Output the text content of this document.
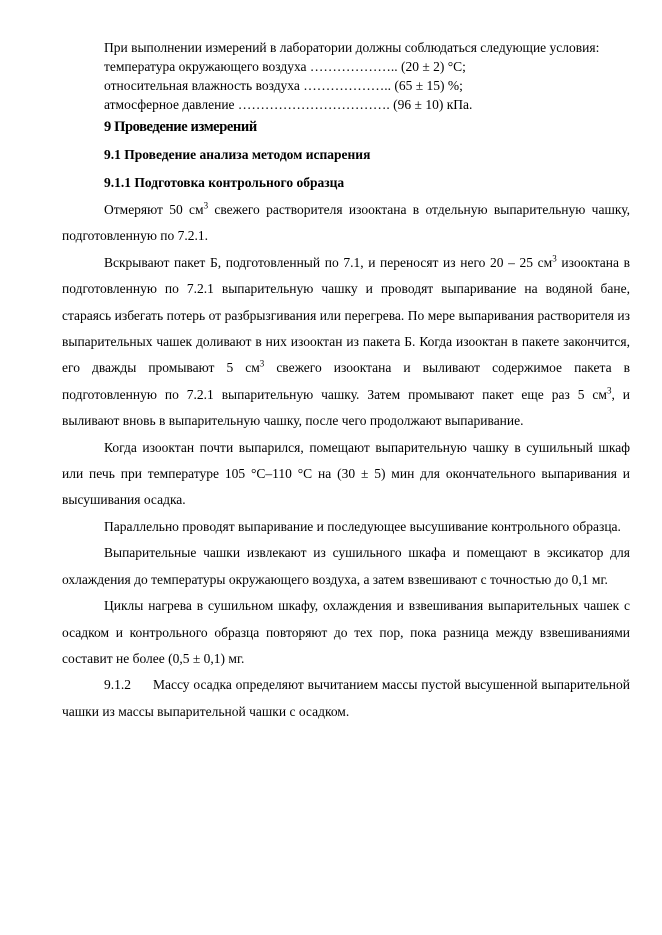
При выполнении измерений в лаборатории должны соблюдаться следующие условия:
температура окружающего воздуха ……………….. (20 ± 2) °С;
относительная влажность воздуха ……………….. (65 ± 15) %;
атмосферное давление ……………………………. (96 ± 10) кПа.
9 Проведение измерений
9.1 Проведение анализа методом испарения
9.1.1 Подготовка контрольного образца

Отмеряют 50 $см^3$ свежего растворителя изооктана в отдельную выпарительную чашку, подготовленную по 7.2.1.

Вскрывают пакет Б, подготовленный по 7.1, и переносят из него 20 – 25 $см^3$ изооктана в подготовленную по 7.2.1 выпарительную чашку и проводят выпаривание на водяной бане, стараясь избегать потерь от разбрызгивания или перегрева. По мере выпаривания растворителя из выпарительных чашек доливают в них изооктан из пакета Б. Когда изооктан в пакете закончится, его дважды промывают 5 $см^3$ свежего изооктана и выливают содержимое пакета в подготовленную по 7.2.1 выпарительную чашку. Затем промывают пакет еще раз 5 $см^3$, и выливают вновь в выпарительную чашку, после чего продолжают выпаривание.

Когда изооктан почти выпарился, помещают выпарительную чашку в сушильный шкаф или печь при температуре 105 °С–110 °С на (30 ± 5) мин для окончательного выпаривания и высушивания осадка.

Параллельно проводят выпаривание и последующее высушивание контрольного образца.

Выпарительные чашки извлекают из сушильного шкафа и помещают в эксикатор для охлаждения до температуры окружающего воздуха, а затем взвешивают с точностью до 0,1 мг.

Циклы нагрева в сушильном шкафу, охлаждения и взвешивания выпарительных чашек с осадком и контрольного образца повторяют до тех пор, пока разница между взвешиваниями составит не более (0,5 ± 0,1) мг.

9.1.2 Массу осадка определяют вычитанием массы пустой высушенной выпарительной чашки из массы выпарительной чашки с осадком.
